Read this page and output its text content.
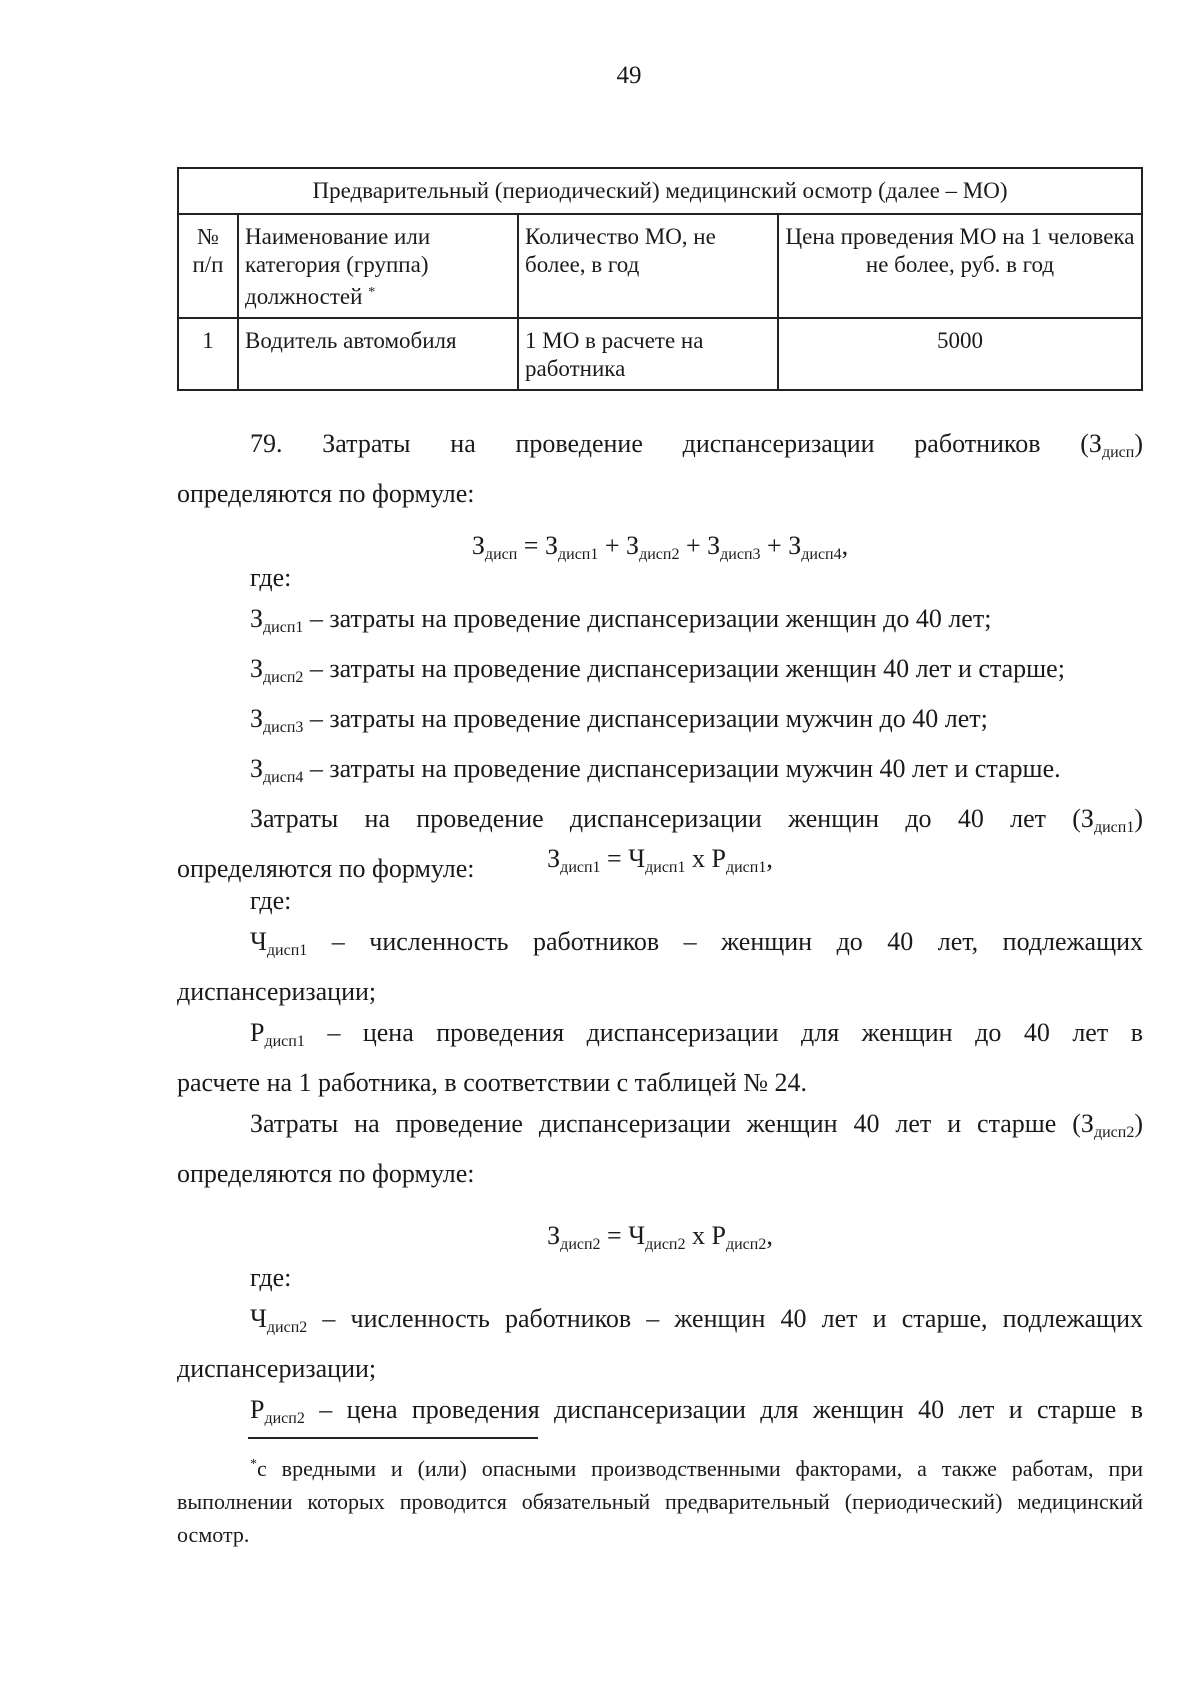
49
Предварительный (периодический) медицинский осмотр (далее – МО)			
№ п/п	Наименование или категория (группа) должностей *	Количество МО, не более, в год	Цена проведения МО на 1 человека не более, руб. в год
1	Водитель автомобиля	1 МО в расчете на работника	5000

79. Затраты на проведение диспансеризации работников $(З_{дисп})$

определяются по формуле:

$З_{дисп} = З_{дисп1} + З_{дисп2} + З_{дисп3} + З_{дисп4}$,

где:

$З_{дисп1}$ – затраты на проведение диспансеризации женщин до 40 лет;

$З_{дисп2}$ – затраты на проведение диспансеризации женщин 40 лет и старше;

$З_{дисп3}$ – затраты на проведение диспансеризации мужчин до 40 лет;

$З_{дисп4}$ – затраты на проведение диспансеризации мужчин 40 лет и старше.

Затраты на проведение диспансеризации женщин до 40 лет $(З_{дисп1})$

определяются по формуле:	$З_{дисп1} = Ч_{дисп1}$ х $Р_{дисп1}$,

где:

$Ч_{дисп1}$ – численность работников – женщин до 40 лет, подлежащих

диспансеризации;

$Р_{дисп1}$ – цена проведения диспансеризации для женщин до 40 лет в

расчете на 1 работника, в соответствии с таблицей № 24.

Затраты на проведение диспансеризации женщин 40 лет и старше $(З_{дисп2})$

определяются по формуле:

$З_{дисп2} = Ч_{дисп2}$ х $Р_{дисп2}$,

где:

$Ч_{дисп2}$ – численность работников – женщин 40 лет и старше, подлежащих

диспансеризации;

$Р_{дисп2}$ – цена проведения диспансеризации для женщин 40 лет и старше в

*с вредными и (или) опасными производственными факторами, а также работам, при выполнении которых проводится обязательный предварительный (периодический) медицинский осмотр.
